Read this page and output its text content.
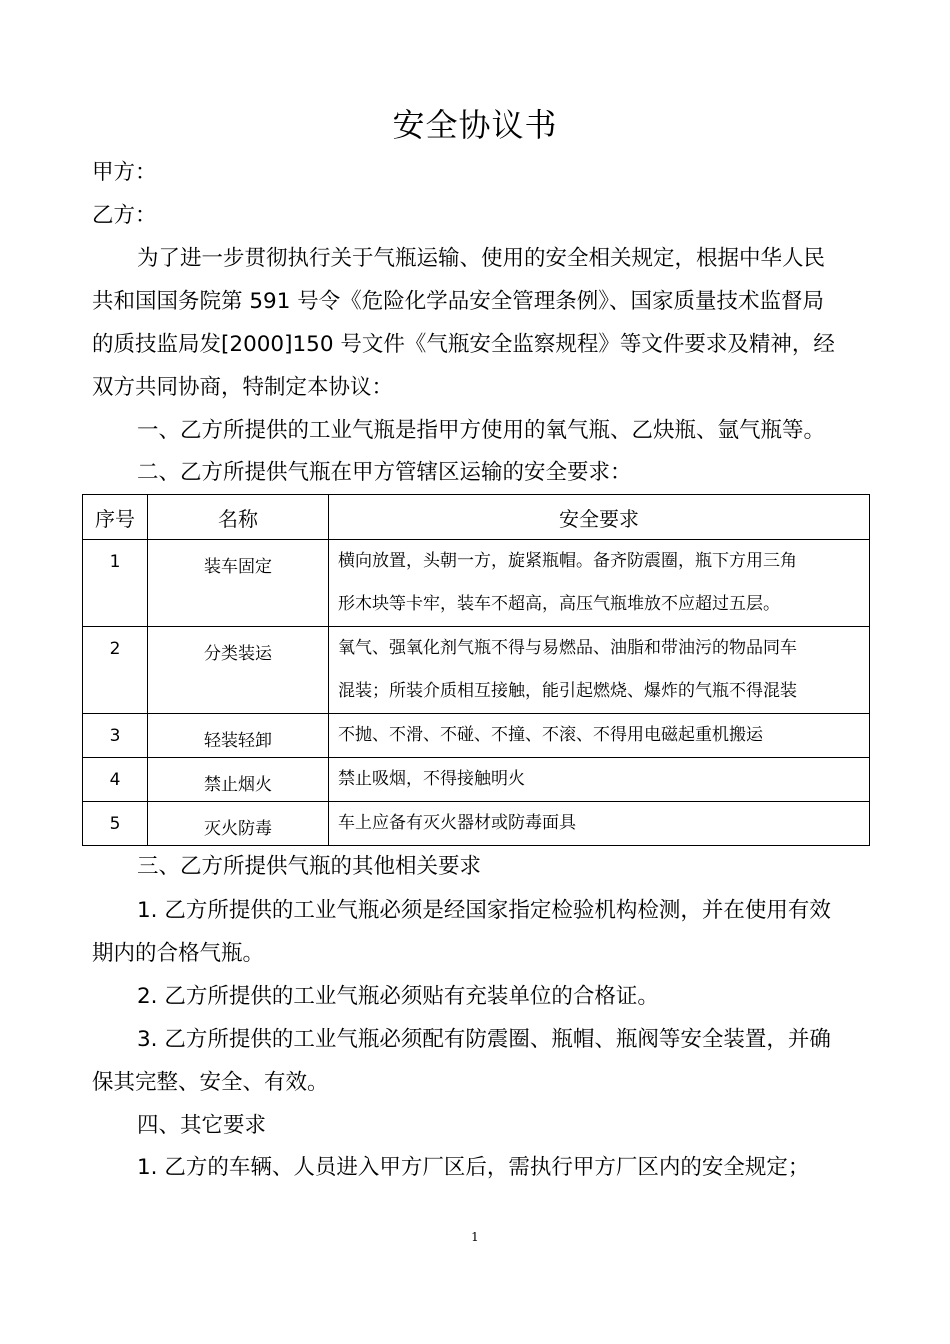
安全协议书
甲方：
乙方：
为了进一步贯彻执行关于气瓶运输、使用的安全相关规定，根据中华人民
共和国国务院第 591 号令《危险化学品安全管理条例》、国家质量技术监督局
的质技监局发[2000]150 号文件《气瓶安全监察规程》等文件要求及精神，经
双方共同协商，特制定本协议：
一、乙方所提供的工业气瓶是指甲方使用的氧气瓶、乙炔瓶、氩气瓶等。
二、乙方所提供气瓶在甲方管辖区运输的安全要求：
序号	名称	安全要求
1	装车固定	横向放置，头朝一方，旋紧瓶帽。备齐防震圈，瓶下方用三角
形木块等卡牢，装车不超高，高压气瓶堆放不应超过五层。

2	分类装运	氧气、强氧化剂气瓶不得与易燃品、油脂和带油污的物品同车
混装；所装介质相互接触，能引起燃烧、爆炸的气瓶不得混装

3	轻装轻卸	不抛、不滑、不碰、不撞、不滚、不得用电磁起重机搬运

4	禁止烟火	禁止吸烟，不得接触明火

5	灭火防毒	车上应备有灭火器材或防毒面具
三、乙方所提供气瓶的其他相关要求
1. 乙方所提供的工业气瓶必须是经国家指定检验机构检测，并在使用有效
期内的合格气瓶。
2. 乙方所提供的工业气瓶必须贴有充装单位的合格证。
3. 乙方所提供的工业气瓶必须配有防震圈、瓶帽、瓶阀等安全装置，并确
保其完整、安全、有效。
四、其它要求
1. 乙方的车辆、人员进入甲方厂区后，需执行甲方厂区内的安全规定；
1
